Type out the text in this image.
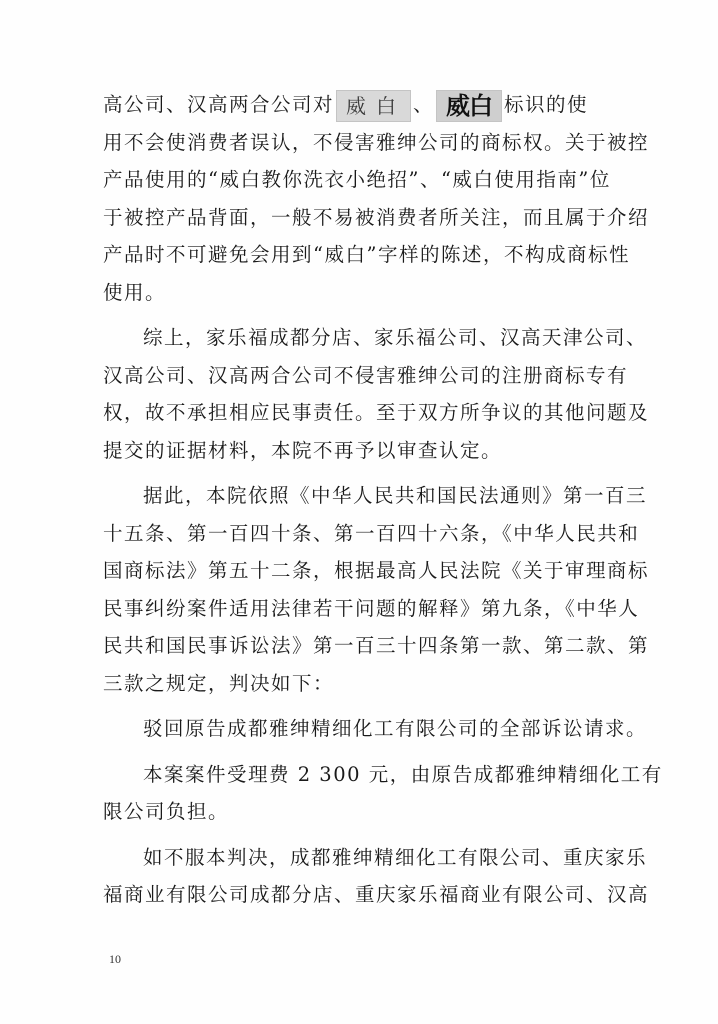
高公司、汉高两合公司对 威白 、 威白 标识的使
用不会使消费者误认，不侵害雅绅公司的商标权。关于被控
产品使用的“威白教你洗衣小绝招”、“威白使用指南”位
于被控产品背面，一般不易被消费者所关注，而且属于介绍
产品时不可避免会用到“威白”字样的陈述，不构成商标性
使用。
综上，家乐福成都分店、家乐福公司、汉高天津公司、
汉高公司、汉高两合公司不侵害雅绅公司的注册商标专有
权，故不承担相应民事责任。至于双方所争议的其他问题及
提交的证据材料，本院不再予以审查认定。
据此，本院依照《中华人民共和国民法通则》第一百三
十五条、第一百四十条、第一百四十六条，《中华人民共和
国商标法》第五十二条，根据最高人民法院《关于审理商标
民事纠纷案件适用法律若干问题的解释》第九条，《中华人
民共和国民事诉讼法》第一百三十四条第一款、第二款、第
三款之规定，判决如下：
驳回原告成都雅绅精细化工有限公司的全部诉讼请求。
本案案件受理费 2 300 元，由原告成都雅绅精细化工有
限公司负担。
如不服本判决，成都雅绅精细化工有限公司、重庆家乐
福商业有限公司成都分店、重庆家乐福商业有限公司、汉高
10
